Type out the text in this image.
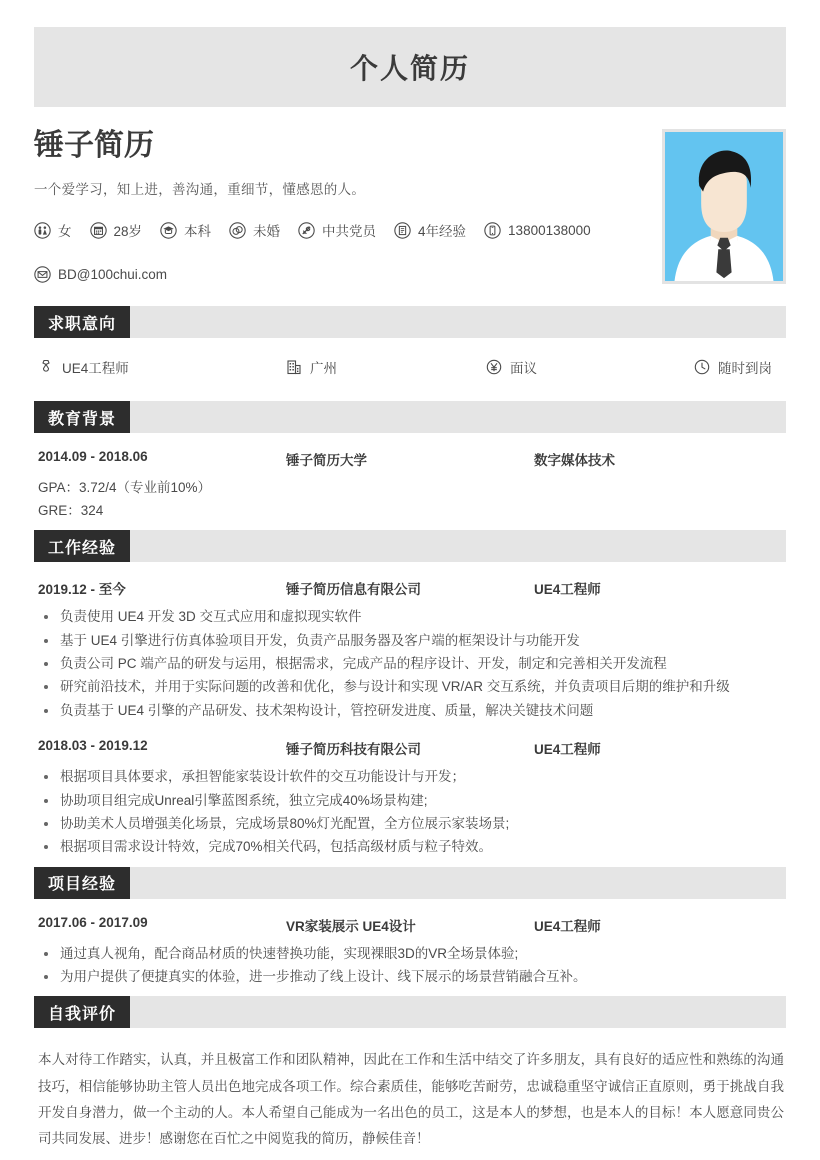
个人简历
锤子简历
一个爱学习，知上进，善沟通，重细节，懂感恩的人。
女	28岁	本科	未婚	中共党员	4年经验	13800138000
BD@100chui.com
求职意向
UE4工程师	广州	面议	随时到岗
教育背景
2014.09 - 2018.06	锤子简历大学	数字媒体技术
GPA：3.72/4（专业前10%）
GRE：324
工作经验
2019.12 - 至今	锤子简历信息有限公司	UE4工程师
负责使用 UE4 开发 3D 交互式应用和虚拟现实软件
基于 UE4 引擎进行仿真体验项目开发，负责产品服务器及客户端的框架设计与功能开发
负责公司 PC 端产品的研发与运用，根据需求，完成产品的程序设计、开发，制定和完善相关开发流程
研究前沿技术，并用于实际问题的改善和优化，参与设计和实现 VR/AR 交互系统，并负责项目后期的维护和升级
负责基于 UE4 引擎的产品研发、技术架构设计，管控研发进度、质量，解决关键技术问题
2018.03 - 2019.12	锤子简历科技有限公司	UE4工程师
根据项目具体要求，承担智能家装设计软件的交互功能设计与开发；
协助项目组完成Unreal引擎蓝图系统，独立完成40%场景构建;
协助美术人员增强美化场景，完成场景80%灯光配置，全方位展示家装场景;
根据项目需求设计特效，完成70%相关代码，包括高级材质与粒子特效。
项目经验
2017.06 - 2017.09	VR家装展示 UE4设计	UE4工程师
通过真人视角，配合商品材质的快速替换功能，实现裸眼3D的VR全场景体验;
为用户提供了便捷真实的体验，进一步推动了线上设计、线下展示的场景营销融合互补。
自我评价
本人对待工作踏实，认真，并且极富工作和团队精神，因此在工作和生活中结交了许多朋友，具有良好的适应性和熟练的沟通技巧，相信能够协助主管人员出色地完成各项工作。综合素质佳，能够吃苦耐劳，忠诚稳重坚守诚信正直原则，勇于挑战自我开发自身潜力，做一个主动的人。本人希望自己能成为一名出色的员工，这是本人的梦想，也是本人的目标！本人愿意同贵公司共同发展、进步！感谢您在百忙之中阅览我的简历，静候佳音！
